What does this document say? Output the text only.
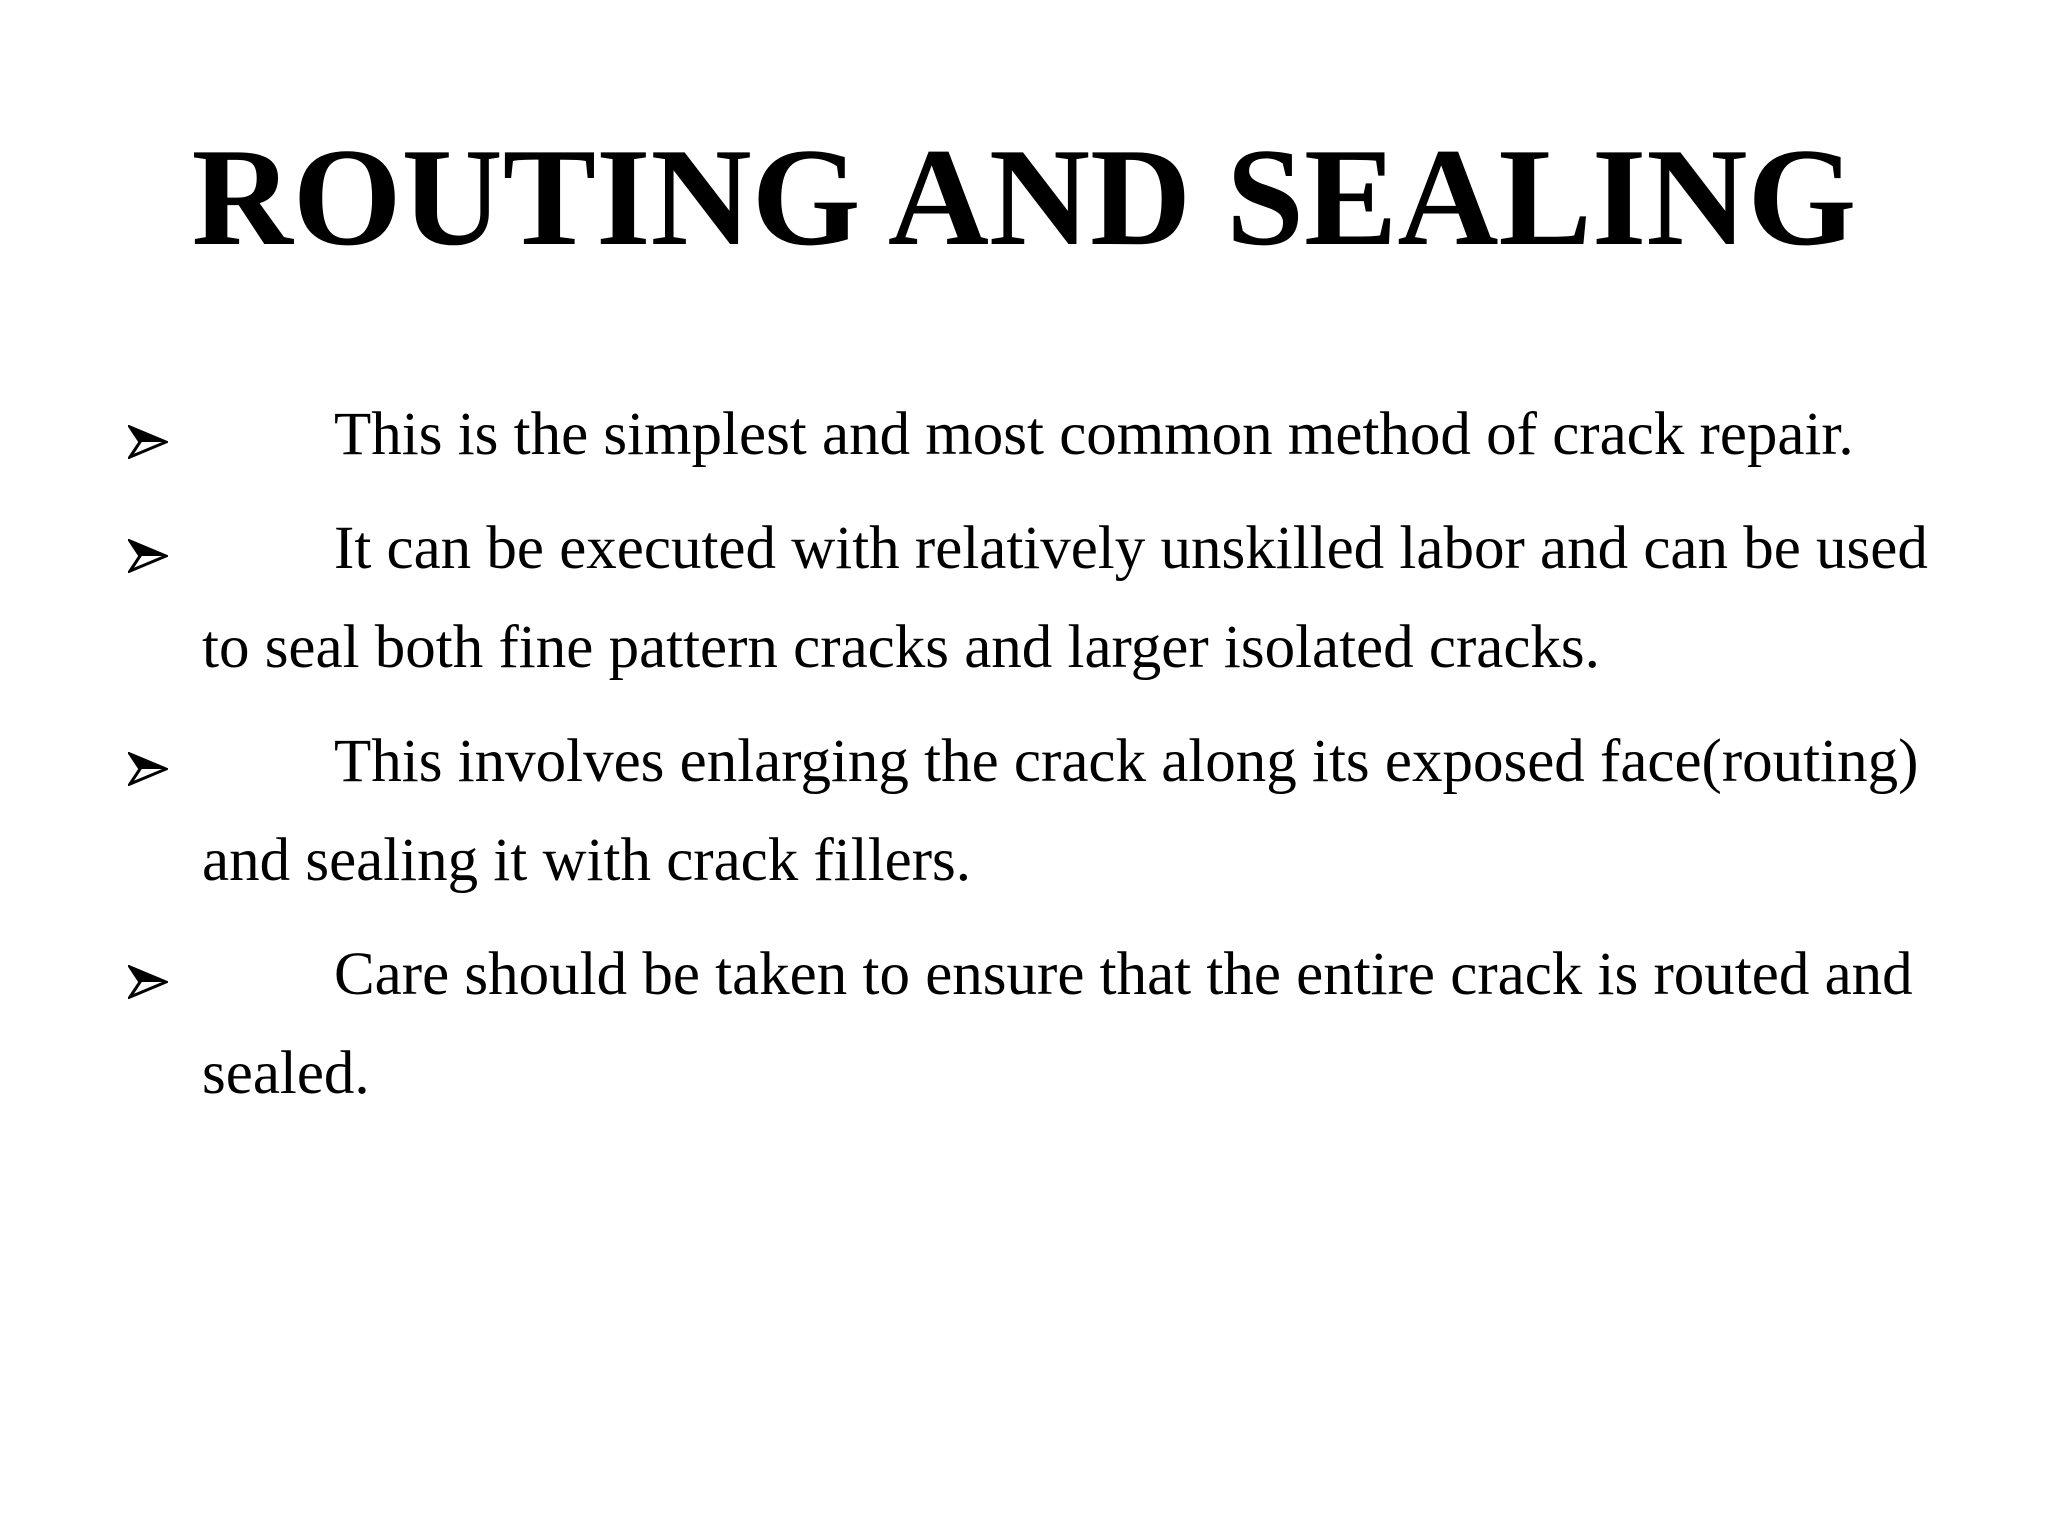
ROUTING AND SEALING
This is the simplest and most common method of crack repair.
It can be executed with relatively unskilled labor and can be used to seal both fine pattern cracks and larger isolated cracks.
This involves enlarging the crack along its exposed face(routing) and sealing it with crack fillers.
Care should be taken to ensure that the entire crack is routed and sealed.
